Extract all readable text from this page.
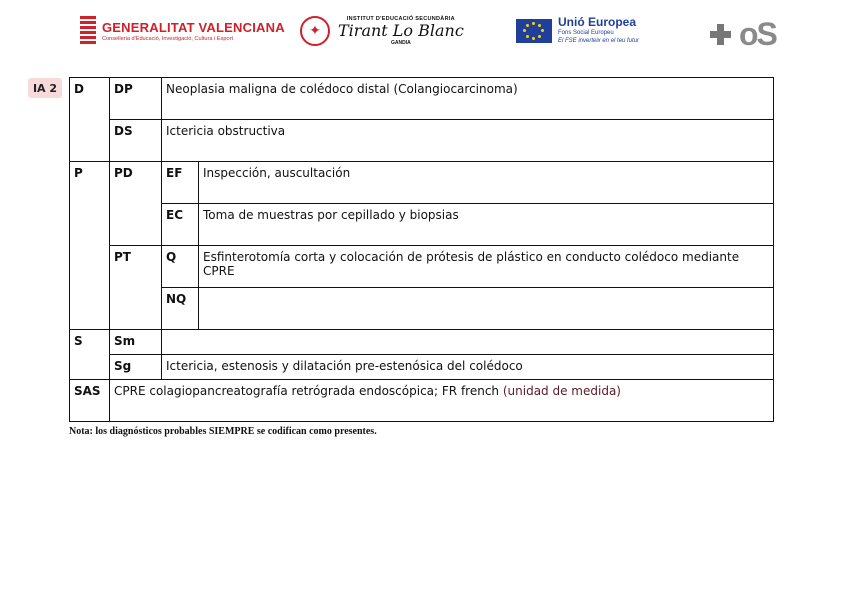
GENERALITAT VALENCIANA
Conselleria d'Educació, Investigació, Cultura i Esport	✦
INSTITUT D'EDUCACIÓ SECUNDÀRIA
Tirant Lo Blanc
GANDIA
Unió Europea
Fons Social Europeu
El FSE inverteix en el teu futur	oS
IA 2	D	DP	Neoplasia maligna de colédoco distal (Colangiocarcinoma)	
	DS	Ictericia obstructiva	
P	PD	EF	Inspección, auscultación
		EC	Toma de muestras por cepillado y biopsias
	PT	Q	Esfinterotomía corta y colocación de prótesis de plástico en conducto colédoco mediante CPRE
		NQ	
S	Sm		
	Sg	Ictericia, estenosis y dilatación pre-estenósica del colédoco	
SAS	CPRE colagiopancreatografía retrógrada endoscópica; FR french (unidad de medida)		
Nota: los diagnósticos probables SIEMPRE se codifican como presentes.
